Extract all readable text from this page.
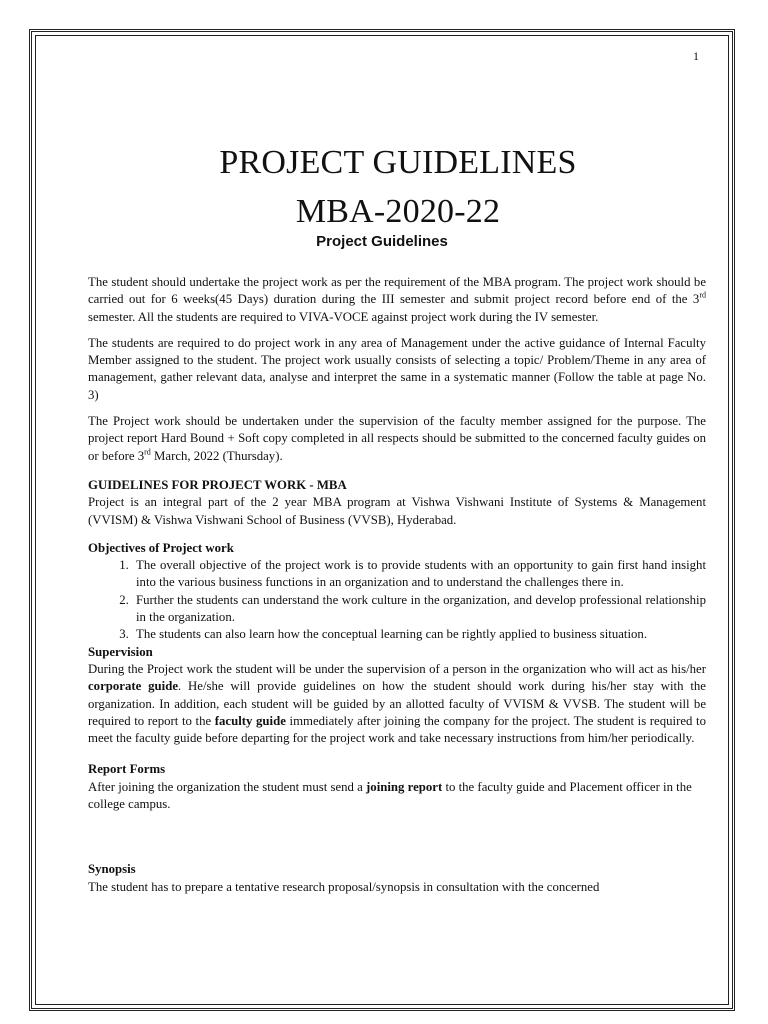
1
PROJECT GUIDELINES
MBA-2020-22
Project Guidelines

The student should undertake the project work as per the requirement of the MBA program. The project work should be carried out for 6 weeks(45 Days) duration during the III semester and submit project record before end of the 3rd semester. All the students are required to VIVA-VOCE against project work during the IV semester.

The students are required to do project work in any area of Management under the active guidance of Internal Faculty Member assigned to the student. The project work usually consists of selecting a topic/ Problem/Theme in any area of management, gather relevant data, analyse and interpret the same in a systematic manner (Follow the table at page No. 3)

The Project work should be undertaken under the supervision of the faculty member assigned for the purpose. The project report Hard Bound + Soft copy completed in all respects should be submitted to the concerned faculty guides on or before 3rd March, 2022 (Thursday).

GUIDELINES FOR PROJECT WORK - MBA

Project is an integral part of the 2 year MBA program at Vishwa Vishwani Institute of Systems & Management (VVISM) & Vishwa Vishwani School of Business (VVSB), Hyderabad.

Objectives of Project work

1. The overall objective of the project work is to provide students with an opportunity to gain first hand insight into the various business functions in an organization and to understand the challenges there in.
2. Further the students can understand the work culture in the organization, and develop professional relationship in the organization.
3. The students can also learn how the conceptual learning can be rightly applied to business situation.

Supervision

During the Project work the student will be under the supervision of a person in the organization who will act as his/her corporate guide. He/she will provide guidelines on how the student should work during his/her stay with the organization. In addition, each student will be guided by an allotted faculty of VVISM & VVSB. The student will be required to report to the faculty guide immediately after joining the company for the project. The student is required to meet the faculty guide before departing for the project work and take necessary instructions from him/her periodically.

Report Forms

After joining the organization the student must send a joining report to the faculty guide and Placement officer in the college campus.

Synopsis

The student has to prepare a tentative research proposal/synopsis in consultation with the concerned
